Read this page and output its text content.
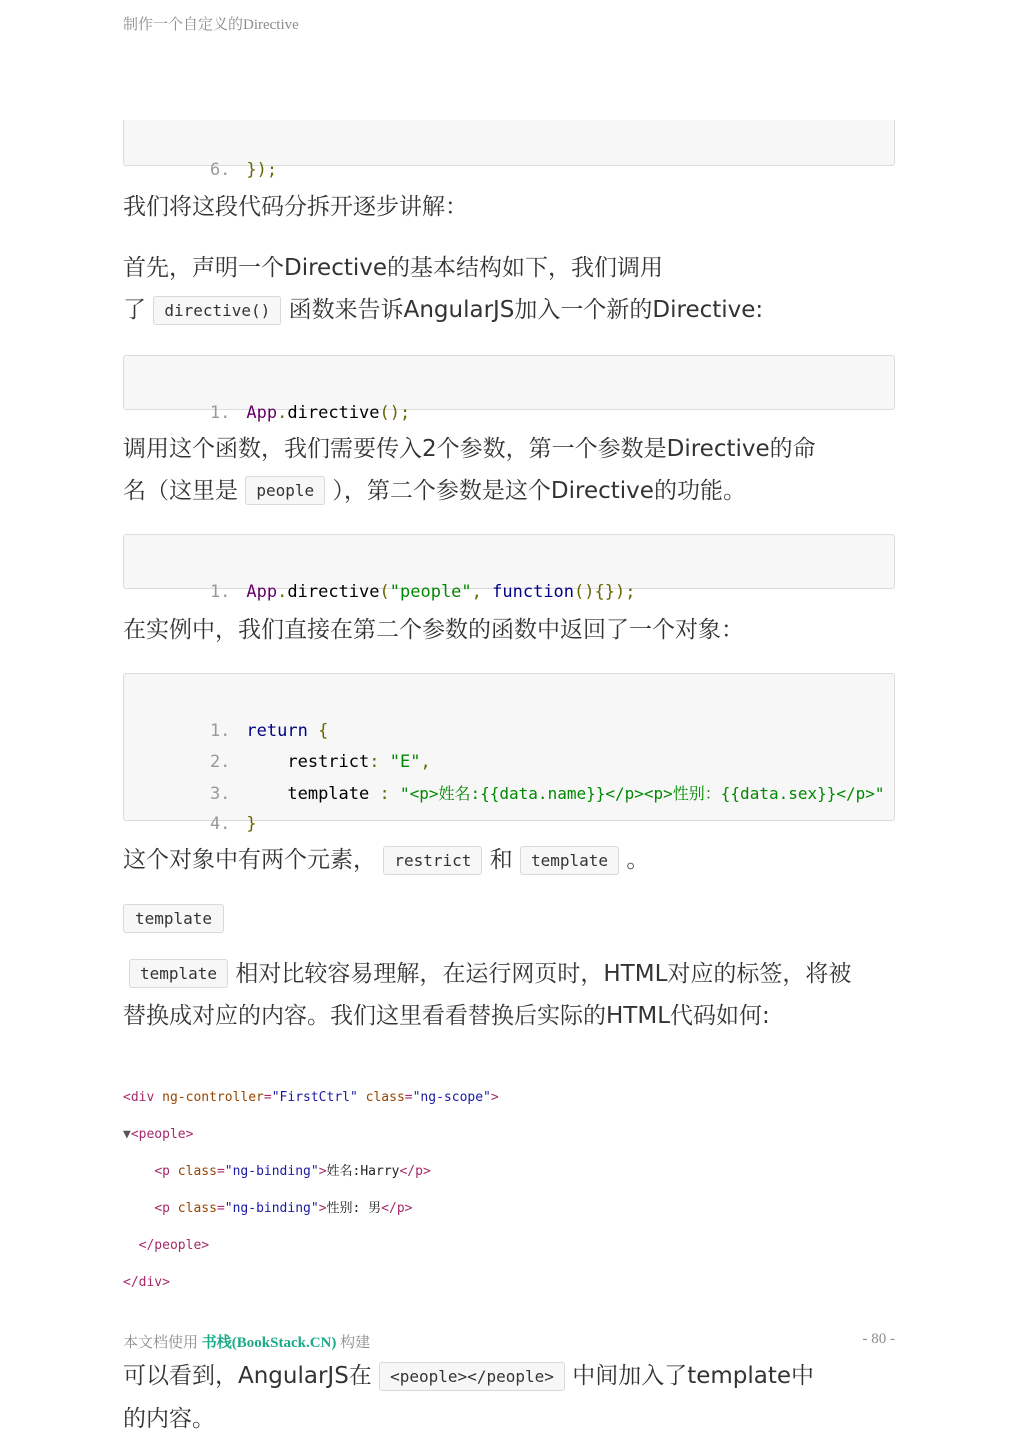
制作一个自定义的Directive

6. });

我们将这段代码分拆开逐步讲解：

首先，声明一个Directive的基本结构如下，我们调用
了 directive() 函数来告诉AngularJS加入一个新的Directive:

1. App.directive();

调用这个函数，我们需要传入2个参数，第一个参数是Directive的命
名（这里是 people ），第二个参数是这个Directive的功能。

1. App.directive("people", function(){});

在实例中，我们直接在第二个参数的函数中返回了一个对象：

1. return {

2.    restrict: "E",

3.    template : "<p>姓名:{{data.name}}</p><p>性别：{{data.sex}}</p>"

4. }

这个对象中有两个元素， restrict 和 template 。

template

template 相对比较容易理解，在运行网页时，HTML对应的标签，将被
替换成对应的内容。我们这里看看替换后实际的HTML代码如何:

<div ng-controller="FirstCtrl" class="ng-scope">

▼<people>

<p class="ng-binding">姓名:Harry</p>

<p class="ng-binding">性别: 男</p>

</people>

</div>

可以看到，AngularJS在 <people></people> 中间加入了template中
的内容。

本文档使用 书栈(BookStack.CN) 构建	- 80 -
